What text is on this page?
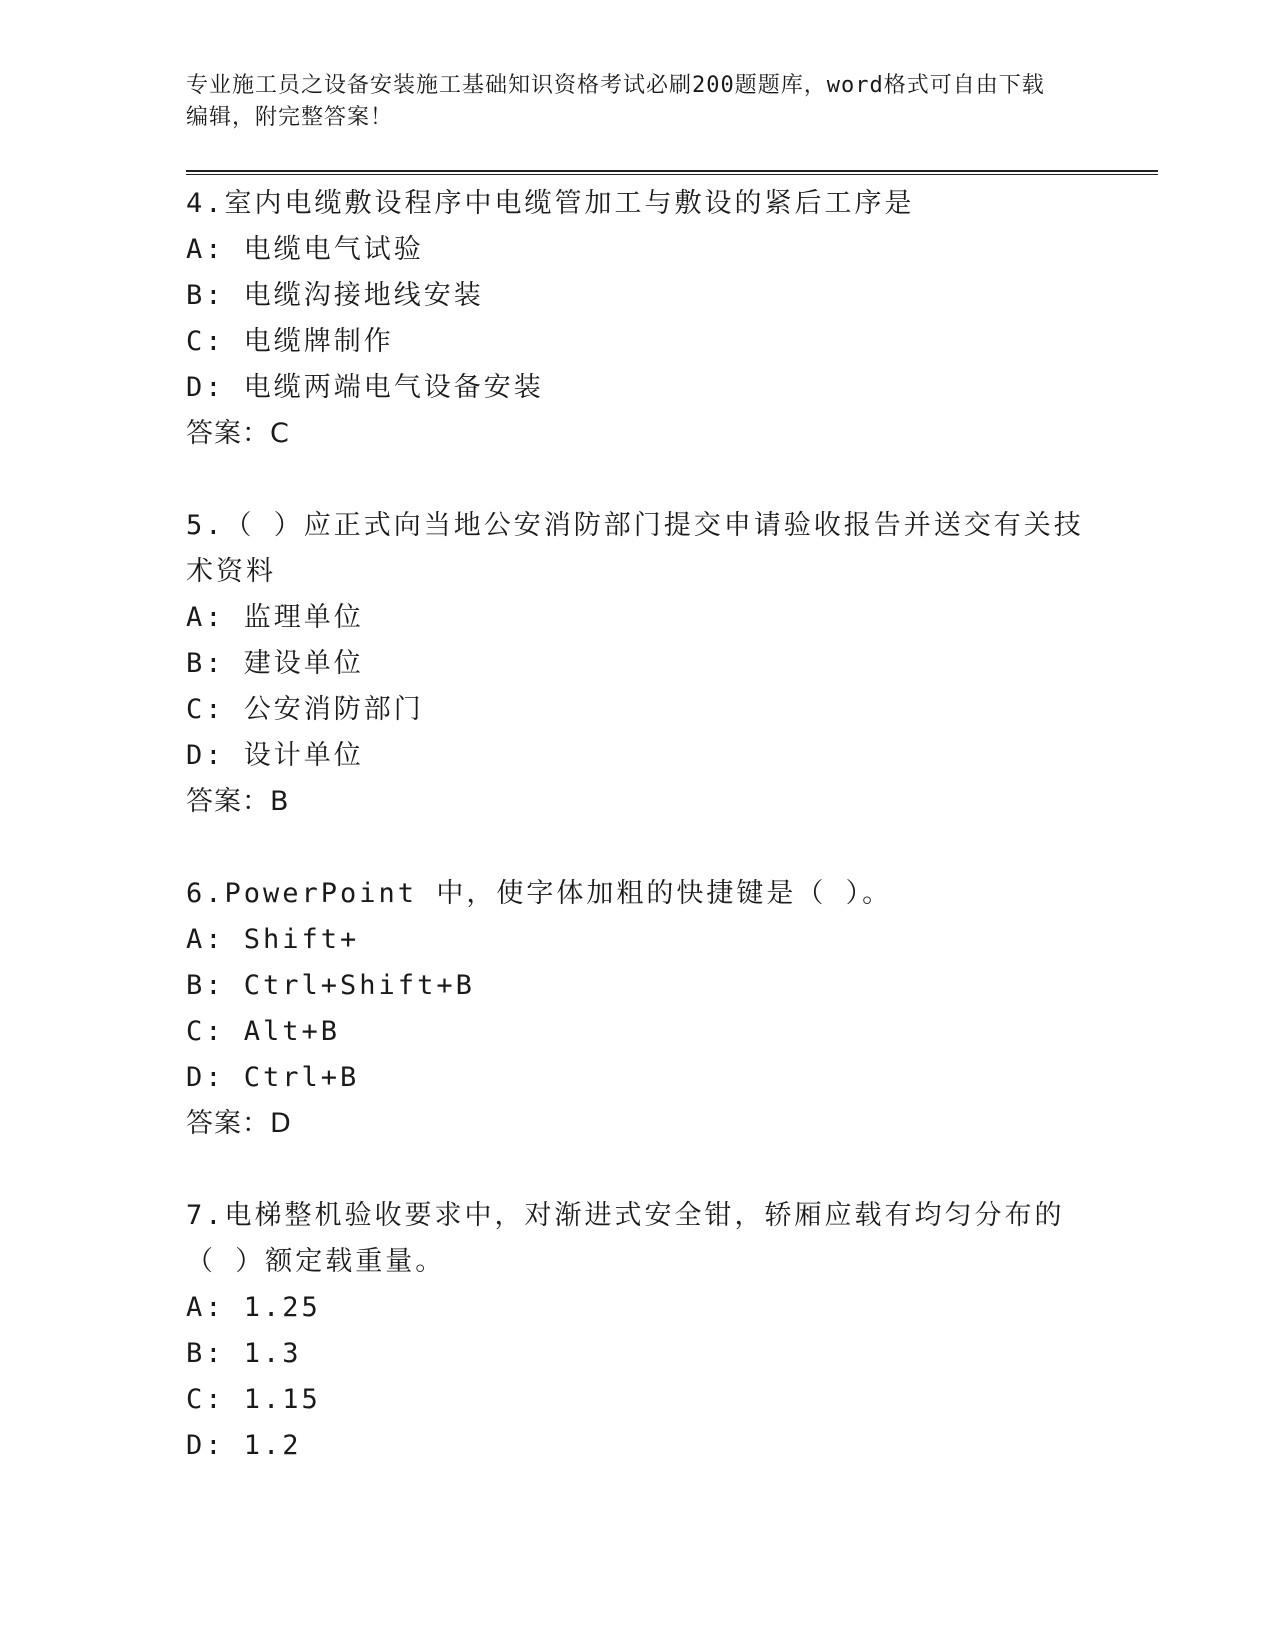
专业施工员之设备安装施工基础知识资格考试必刷200题题库，word格式可自由下载编辑，附完整答案！

4.室内电缆敷设程序中电缆管加工与敷设的紧后工序是

A: 电缆电气试验

B: 电缆沟接地线安装

C: 电缆牌制作

D: 电缆两端电气设备安装

答案：C

5.（ ）应正式向当地公安消防部门提交申请验收报告并送交有关技术资料

A: 监理单位

B: 建设单位

C: 公安消防部门

D: 设计单位

答案：B

6.PowerPoint 中，使字体加粗的快捷键是（ ）。

A: Shift+

B: Ctrl+Shift+B

C: Alt+B

D: Ctrl+B

答案：D

7.电梯整机验收要求中，对渐进式安全钳，轿厢应载有均匀分布的（ ）额定载重量。

A: 1.25

B: 1.3

C: 1.15

D: 1.2
